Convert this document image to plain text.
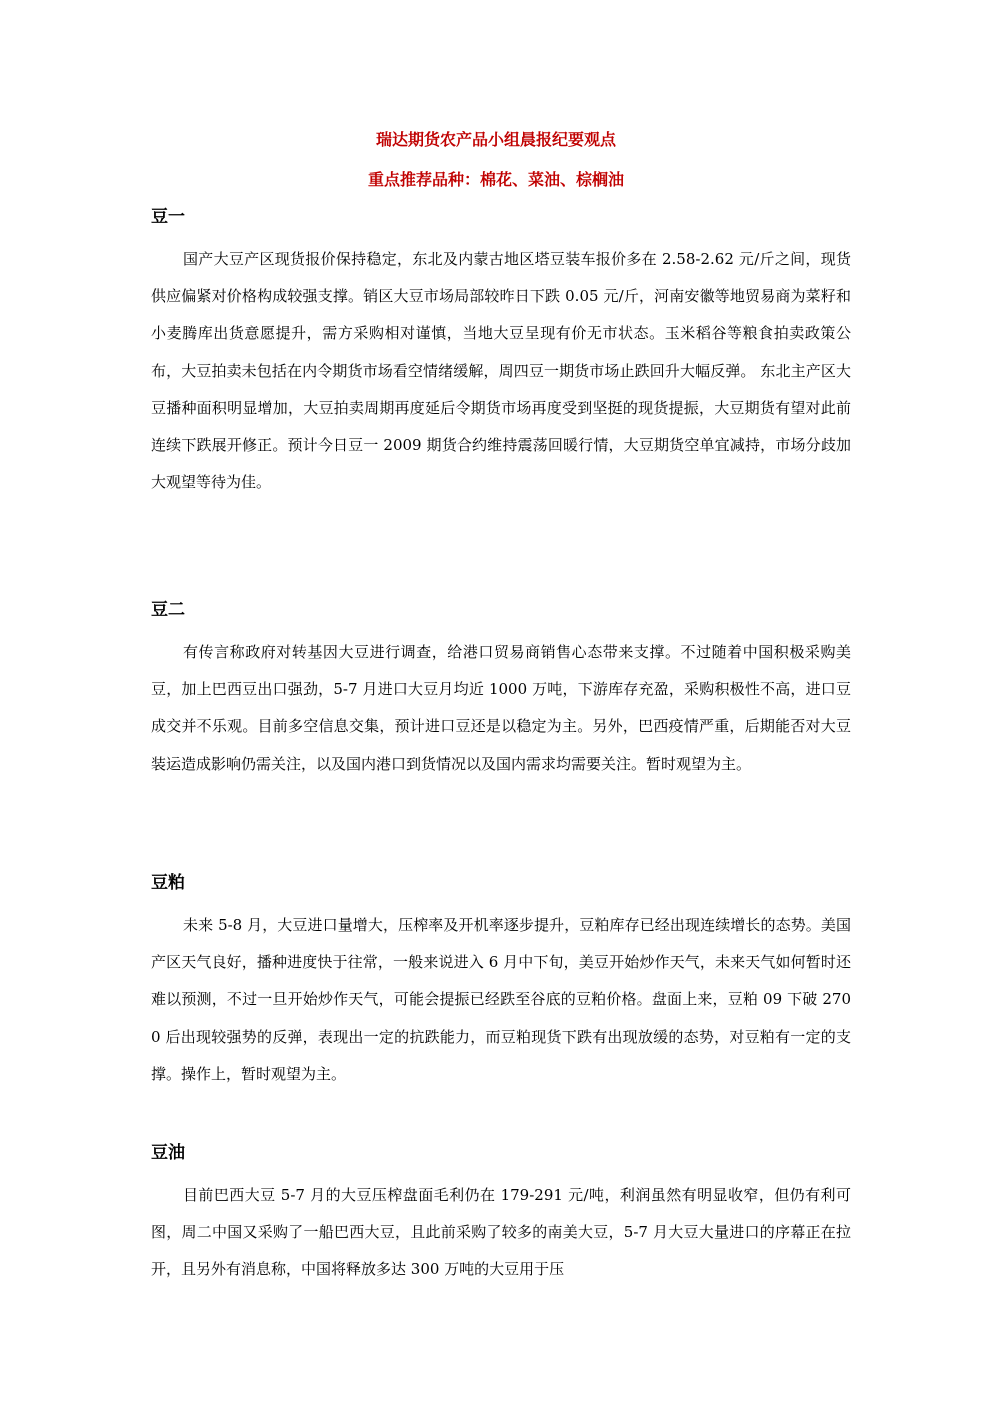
瑞达期货农产品小组晨报纪要观点
重点推荐品种：棉花、菜油、棕榈油
豆一

国产大豆产区现货报价保持稳定，东北及内蒙古地区塔豆装车报价多在 2.58-2.62 元/斤之间，现货供应偏紧对价格构成较强支撑。销区大豆市场局部较昨日下跌 0.05 元/斤，河南安徽等地贸易商为菜籽和小麦腾库出货意愿提升，需方采购相对谨慎，当地大豆呈现有价无市状态。玉米稻谷等粮食拍卖政策公布，大豆拍卖未包括在内令期货市场看空情绪缓解，周四豆一期货市场止跌回升大幅反弹。 东北主产区大豆播种面积明显增加，大豆拍卖周期再度延后令期货市场再度受到坚挺的现货提振，大豆期货有望对此前连续下跌展开修正。预计今日豆一 2009 期货合约维持震荡回暖行情，大豆期货空单宜减持，市场分歧加大观望等待为佳。

豆二

有传言称政府对转基因大豆进行调查，给港口贸易商销售心态带来支撑。不过随着中国积极采购美豆，加上巴西豆出口强劲，5-7 月进口大豆月均近 1000 万吨，下游库存充盈，采购积极性不高，进口豆成交并不乐观。目前多空信息交集，预计进口豆还是以稳定为主。另外，巴西疫情严重，后期能否对大豆装运造成影响仍需关注，以及国内港口到货情况以及国内需求均需要关注。暂时观望为主。

豆粕

未来 5-8 月，大豆进口量增大，压榨率及开机率逐步提升，豆粕库存已经出现连续增长的态势。美国产区天气良好，播种进度快于往常，一般来说进入 6 月中下旬，美豆开始炒作天气，未来天气如何暂时还难以预测，不过一旦开始炒作天气，可能会提振已经跌至谷底的豆粕价格。盘面上来，豆粕 09 下破 2700 后出现较强势的反弹，表现出一定的抗跌能力，而豆粕现货下跌有出现放缓的态势，对豆粕有一定的支撑。操作上，暂时观望为主。

豆油

目前巴西大豆 5-7 月的大豆压榨盘面毛利仍在 179-291 元/吨，利润虽然有明显收窄，但仍有利可图，周二中国又采购了一船巴西大豆，且此前采购了较多的南美大豆，5-7 月大豆大量进口的序幕正在拉开，且另外有消息称，中国将释放多达 300 万吨的大豆用于压
